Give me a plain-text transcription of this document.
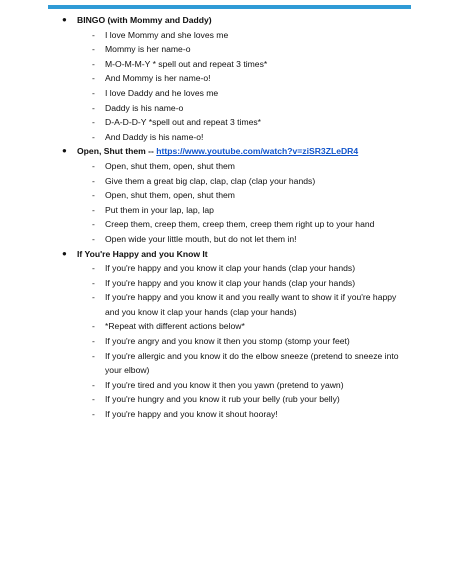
● BINGO (with Mommy and Daddy)
- I love Mommy and she loves me
- Mommy is her name-o
- M-O-M-M-Y * spell out and repeat 3 times*
- And Mommy is her name-o!
- I love Daddy and he loves me
- Daddy is his name-o
- D-A-D-D-Y *spell out and repeat 3 times*
- And Daddy is his name-o!
● Open, Shut them -- https://www.youtube.com/watch?v=ziSR3ZLeDR4
- Open, shut them, open, shut them
- Give them a great big clap, clap, clap (clap your hands)
- Open, shut them, open, shut them
- Put them in your lap, lap, lap
- Creep them, creep them, creep them, creep them right up to your hand
- Open wide your little mouth, but do not let them in!
● If You're Happy and you Know It
- If you're happy and you know it clap your hands (clap your hands)
- If you're happy and you know it clap your hands (clap your hands)
- If you're happy and you know it and you really want to show it if you're happy and you know it clap your hands (clap your hands)
- *Repeat with different actions below*
- If you're angry and you know it then you stomp (stomp your feet)
- If you're allergic and you know it do the elbow sneeze (pretend to sneeze into your elbow)
- If you're tired and you know it then you yawn (pretend to yawn)
- If you're hungry and you know it rub your belly (rub your belly)
- If you're happy and you know it shout hooray!
